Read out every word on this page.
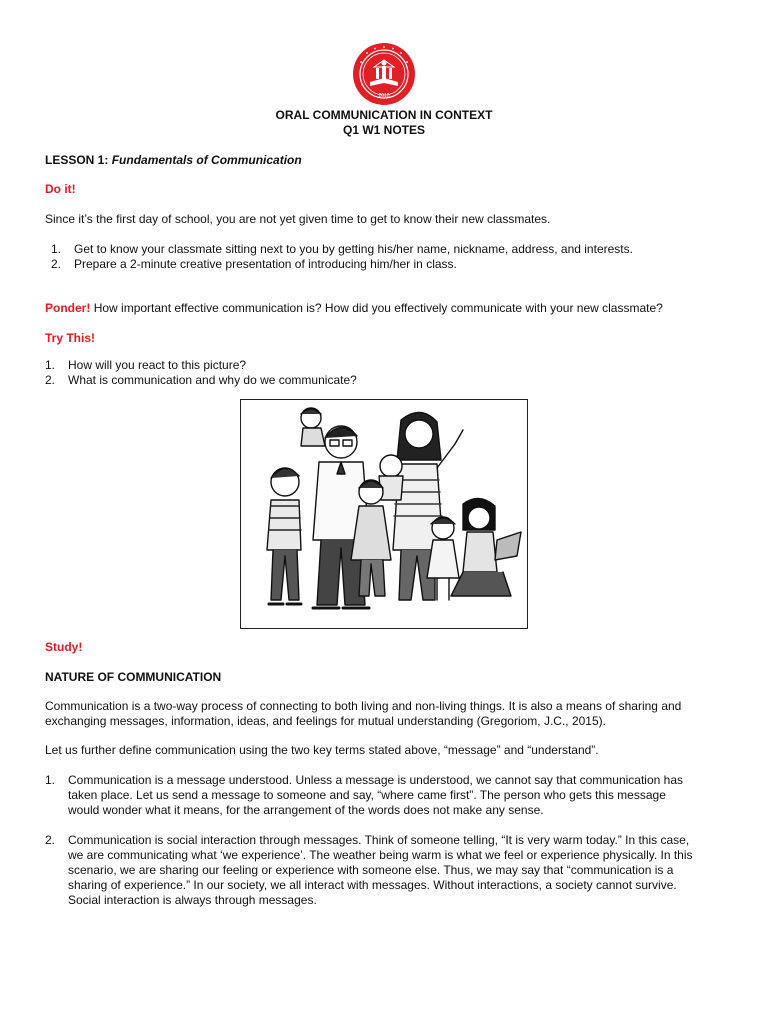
2016
ORAL COMMUNICATION IN CONTEXT
Q1 W1 NOTES
LESSON 1: Fundamentals of Communication
Do it!
Since it’s the first day of school, you are not yet given time to get to know their new classmates.
1. Get to know your classmate sitting next to you by getting his/her name, nickname, address, and interests.
2. Prepare a 2-minute creative presentation of introducing him/her in class.
Ponder! How important effective communication is? How did you effectively communicate with your new classmate?
Try This!
1. How will you react to this picture?
2. What is communication and why do we communicate?
Study!
NATURE OF COMMUNICATION
Communication is a two-way process of connecting to both living and non-living things. It is also a means of sharing and
exchanging messages, information, ideas, and feelings for mutual understanding (Gregoriom, J.C., 2015).
Let us further define communication using the two key terms stated above, “message” and “understand”.
1. Communication is a message understood. Unless a message is understood, we cannot say that communication has
taken place. Let us send a message to someone and say, “where came first”. The person who gets this message
would wonder what it means, for the arrangement of the words does not make any sense.
2. Communication is social interaction through messages. Think of someone telling, “It is very warm today.” In this case,
we are communicating what ‘we experience’. The weather being warm is what we feel or experience physically. In this
scenario, we are sharing our feeling or experience with someone else. Thus, we may say that “communication is a
sharing of experience.” In our society, we all interact with messages. Without interactions, a society cannot survive.
Social interaction is always through messages.
